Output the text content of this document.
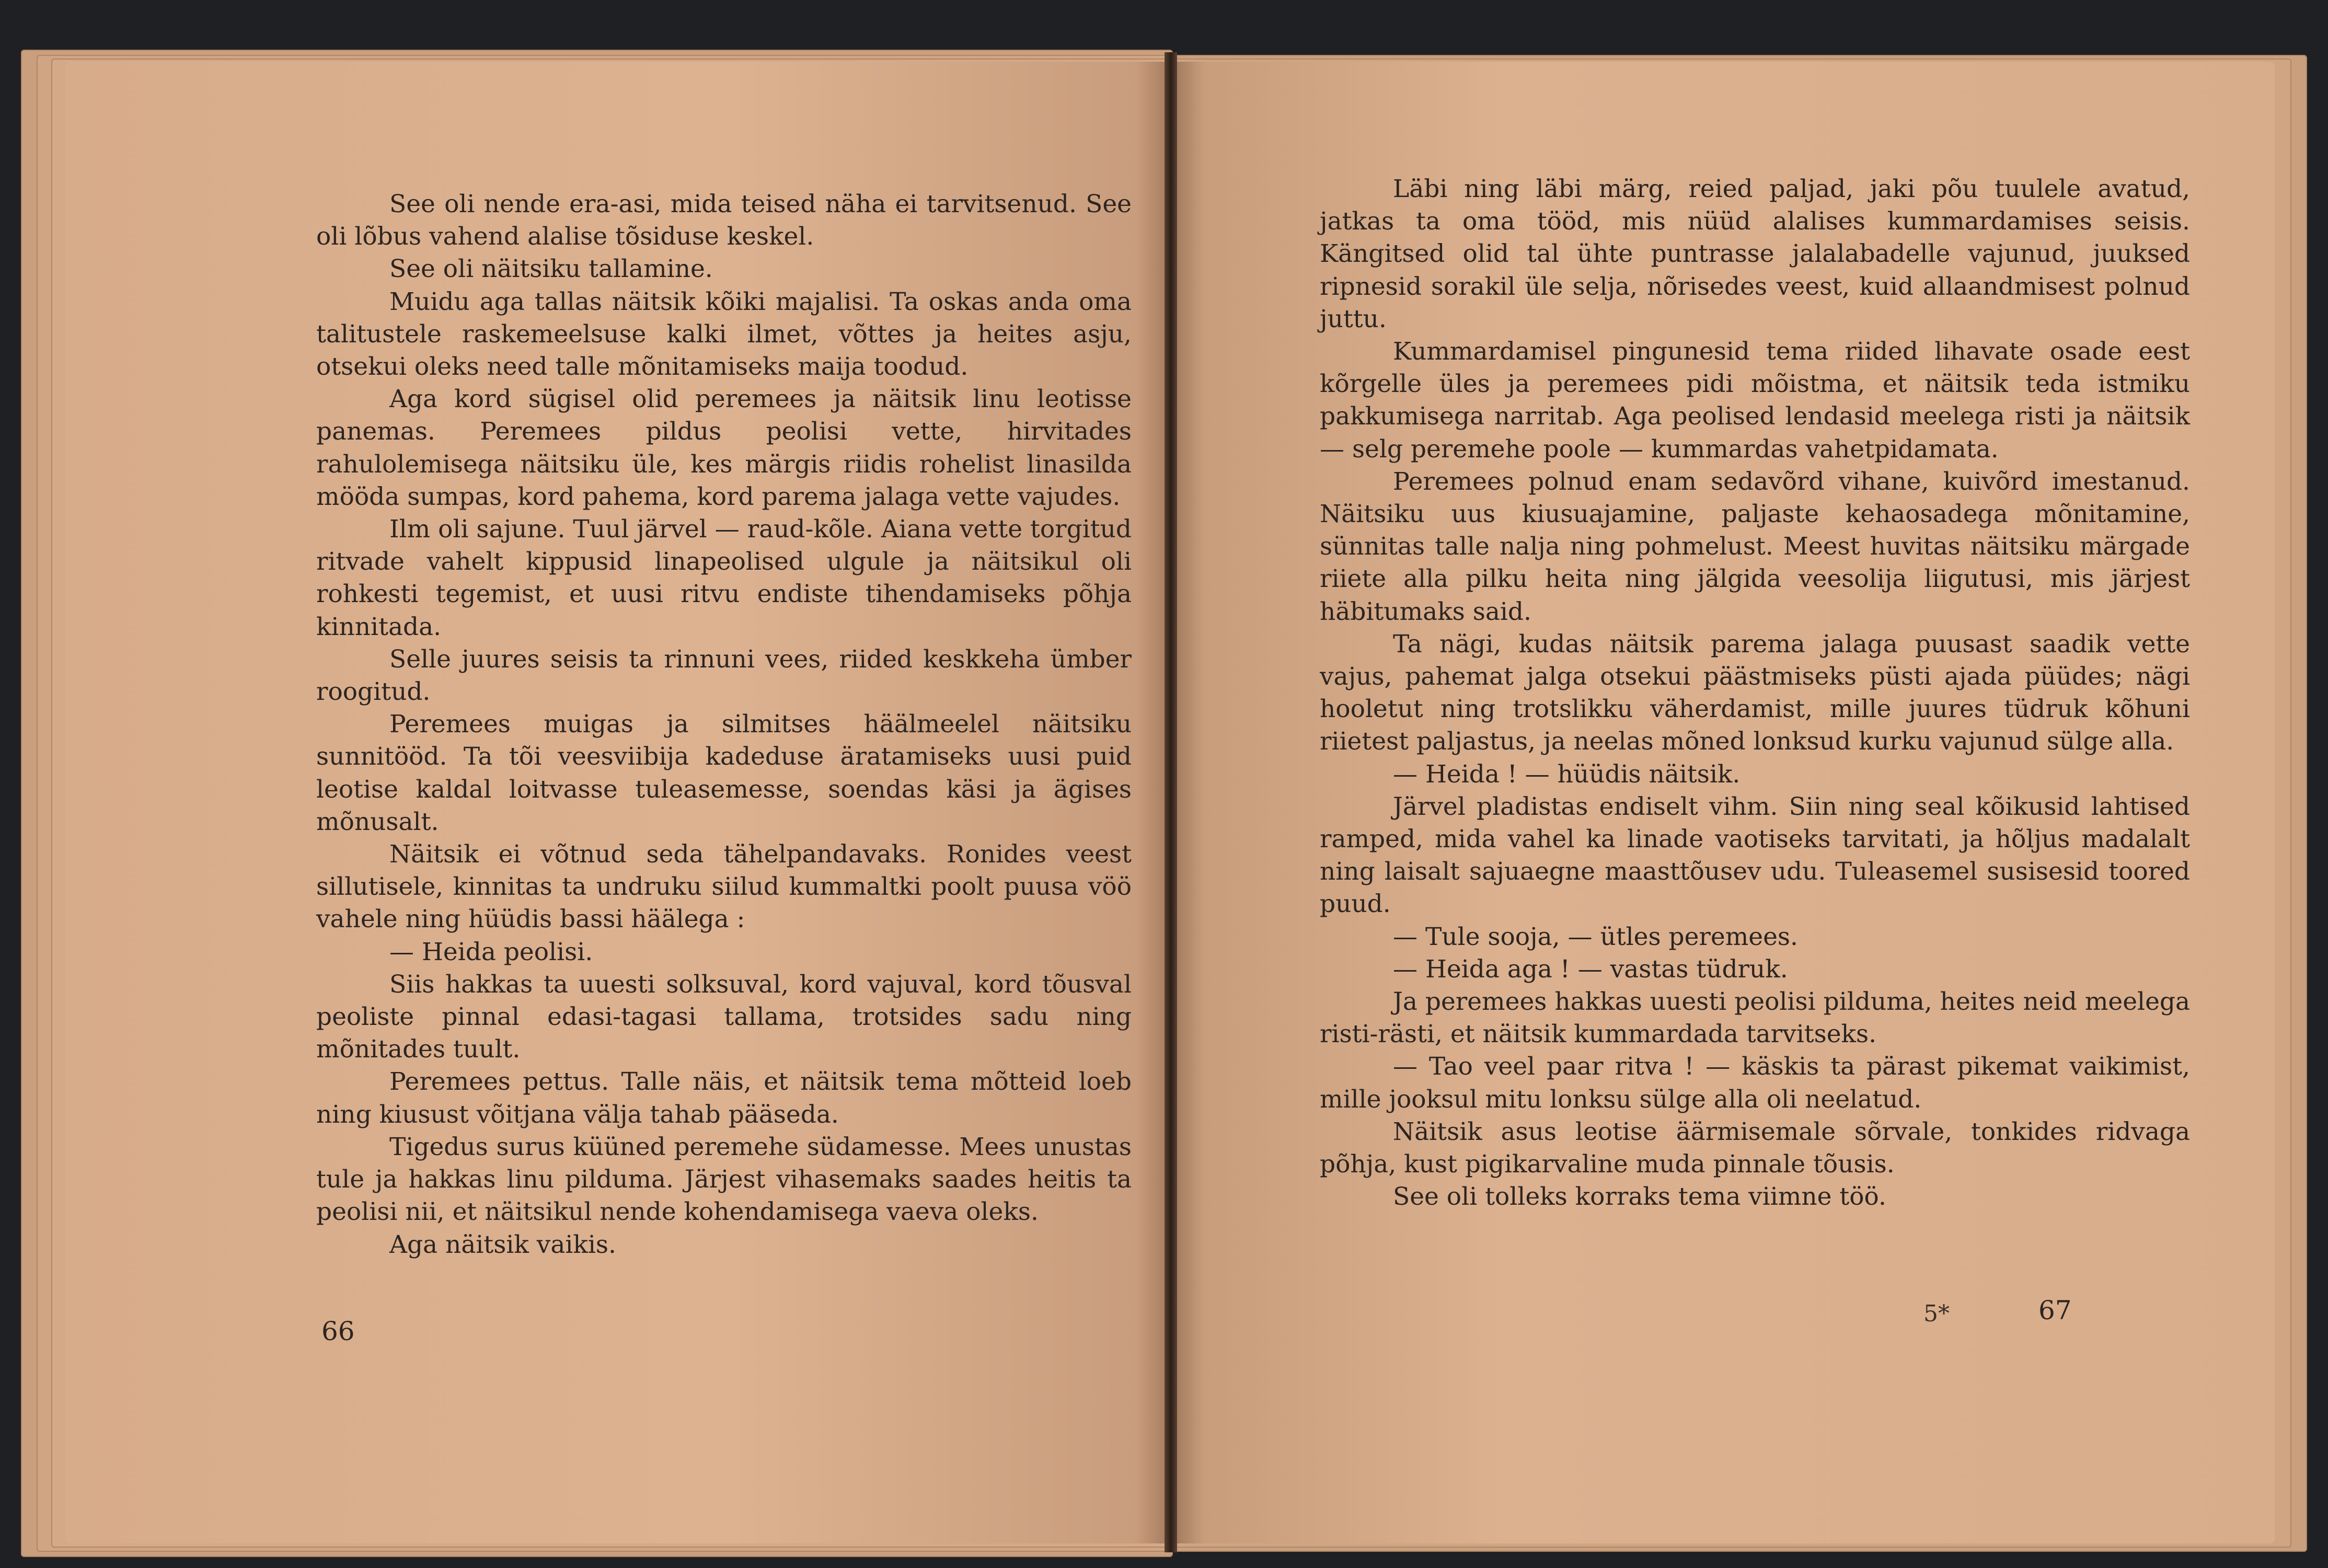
See oli nende era-asi, mida teised näha ei tarvitsenud. See oli lõbus vahend alalise tõsiduse keskel.

See oli näitsiku tallamine.

Muidu aga tallas näitsik kõiki majalisi. Ta oskas anda oma talitustele raskemeelsuse kalki ilmet, võttes ja heites asju, otsekui oleks need talle mõnitamiseks maija toodud.

Aga kord sügisel olid peremees ja näitsik linu leotisse panemas. Peremees pildus peolisi vette, hirvitades rahulolemisega näitsiku üle, kes märgis riidis rohelist linasilda mööda sumpas, kord pahema, kord parema jalaga vette vajudes.

Ilm oli sajune. Tuul järvel — raud-kõle. Aiana vette torgitud ritvade vahelt kippusid linapeolised ulgule ja näitsikul oli rohkesti tegemist, et uusi ritvu endiste tihendamiseks põhja kinnitada.

Selle juures seisis ta rinnuni vees, riided keskkeha ümber roogitud.

Peremees muigas ja silmitses häälmeelel näitsiku sunnitööd. Ta tõi veesviibija kadeduse äratamiseks uusi puid leotise kaldal loitvasse tuleasemesse, soendas käsi ja ägises mõnusalt.

Näitsik ei võtnud seda tähelpandavaks. Ronides veest sillutisele, kinnitas ta undruku siilud kummaltki poolt puusa vöö vahele ning hüüdis bassi häälega :

— Heida peolisi.

Siis hakkas ta uuesti solksuval, kord vajuval, kord tõusval peoliste pinnal edasi-tagasi tallama, trotsides sadu ning mõnitades tuult.

Peremees pettus. Talle näis, et näitsik tema mõtteid loeb ning kiusust võitjana välja tahab pääseda.

Tigedus surus küüned peremehe südamesse. Mees unustas tule ja hakkas linu pilduma. Järjest vihasemaks saades heitis ta peolisi nii, et näitsikul nende kohendamisega vaeva oleks.

Aga näitsik vaikis.

66

Läbi ning läbi märg, reied paljad, jaki põu tuulele avatud, jatkas ta oma tööd, mis nüüd alalises kummardamises seisis. Kängitsed olid tal ühte puntrasse jalalabadelle vajunud, juuksed ripnesid sorakil üle selja, nõrisedes veest, kuid allaandmisest polnud juttu.

Kummardamisel pingunesid tema riided lihavate osade eest kõrgelle üles ja peremees pidi mõistma, et näitsik teda istmiku pakkumisega narritab. Aga peolised lendasid meelega risti ja näitsik — selg peremehe poole — kummardas vahetpidamata.

Peremees polnud enam sedavõrd vihane, kuivõrd imestanud. Näitsiku uus kiusuajamine, paljaste kehaosadega mõnitamine, sünnitas talle nalja ning pohmelust. Meest huvitas näitsiku märgade riiete alla pilku heita ning jälgida veesolija liigutusi, mis järjest häbitumaks said.

Ta nägi, kudas näitsik parema jalaga puusast saadik vette vajus, pahemat jalga otsekui päästmiseks püsti ajada püüdes; nägi hooletut ning trotslikku väherdamist, mille juures tüdruk kõhuni riietest paljastus, ja neelas mõned lonksud kurku vajunud sülge alla.

— Heida ! — hüüdis näitsik.

Järvel pladistas endiselt vihm. Siin ning seal kõikusid lahtised ramped, mida vahel ka linade vaotiseks tarvitati, ja hõljus madalalt ning laisalt sajuaegne maasttõusev udu. Tuleasemel susisesid toored puud.

— Tule sooja, — ütles peremees.

— Heida aga ! — vastas tüdruk.

Ja peremees hakkas uuesti peolisi pilduma, heites neid meelega risti-rästi, et näitsik kummardada tarvitseks.

— Tao veel paar ritva ! — käskis ta pärast pikemat vaikimist, mille jooksul mitu lonksu sülge alla oli neelatud.

Näitsik asus leotise äärmisemale sõrvale, tonkides ridvaga põhja, kust pigikarvaline muda pinnale tõusis.

See oli tolleks korraks tema viimne töö.

5*	67
